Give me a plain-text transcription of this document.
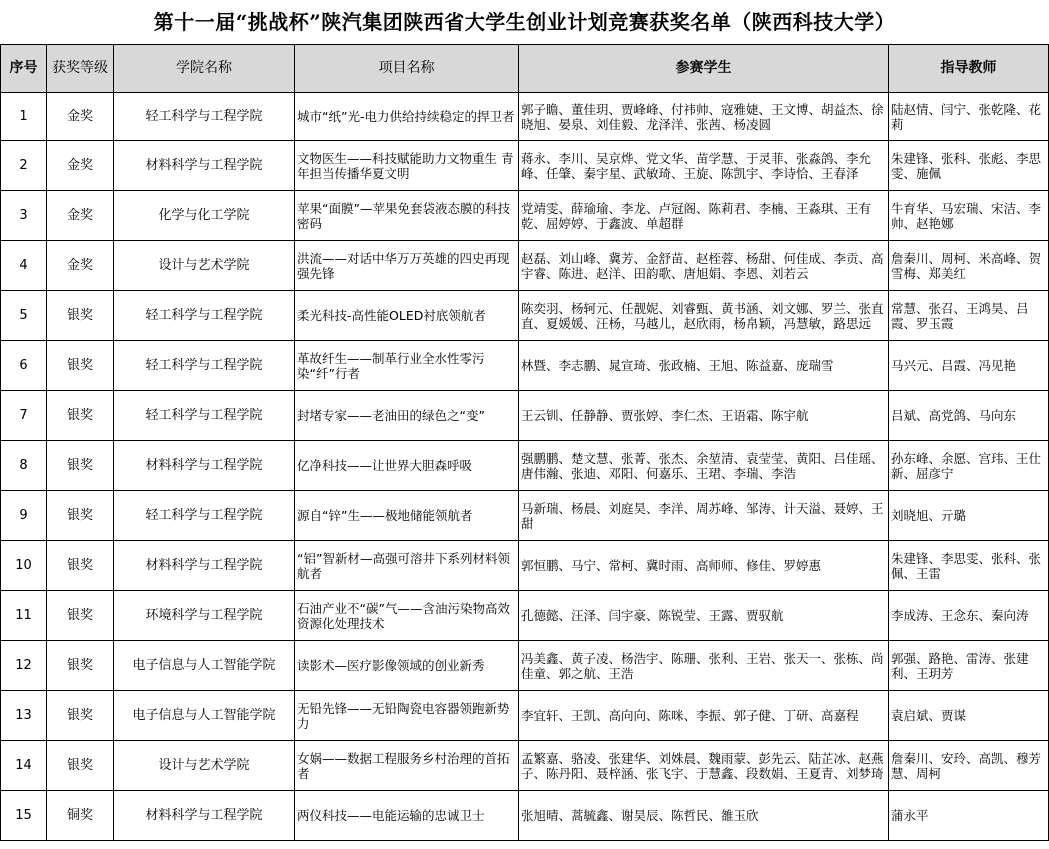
第十一届“挑战杯”陕汽集团陕西省大学生创业计划竞赛获奖名单（陕西科技大学）
序号	获奖等级	学院名称	项目名称	参赛学生	指导教师
1	金奖	轻工科学与工程学院	城市“纸”光-电力供给持续稳定的捍卫者	郭子瞻、董佳玥、贾峰峰、付祎帅、寇雅婕、王文博、胡益杰、徐晓旭、晏泉、刘佳毅、龙泽洋、张茜、杨凌圆	陆赵情、闫宁、张乾隆、花莉
2	金奖	材料科学与工程学院	文物医生——科技赋能助力文物重生 青年担当传播华夏文明	蒋永、李川、吴京烨、党文华、苗学慧、于灵菲、张淼鸽、李允峰、任肇、秦宇星、武敏琦、王旋、陈凯宇、李诗恰、王春泽	朱建锋、张科、张彪、李思雯、施佩
3	金奖	化学与化工学院	苹果“面膜”—苹果免套袋液态膜的科技密码	党靖雯、薛瑜瑜、李龙、卢冠阁、陈莉君、李楠、王淼琪、王有乾、屈婷婷、于鑫波、单超群	牛育华、马宏瑞、宋洁、李帅、赵艳娜
4	金奖	设计与艺术学院	洪流——对话中华万万英雄的四史再现强先锋	赵磊、刘山峰、冀芳、金舒苗、赵桎蓉、杨甜、何佳成、李贡、高宇睿、陈进、赵洋、田韵歌、唐旭娟、李恩、刘若云	詹秦川、周柯、米高峰、贺雪梅、郑美红
5	银奖	轻工科学与工程学院	柔光科技-高性能OLED衬底领航者	陈奕羽、杨轲元、任靓妮、刘睿甄、黄书涵、刘文娜、罗兰、张直直、夏媛媛、汪杨，马越儿，赵欣雨，杨帛颖，冯慧敏，路思远	常慧、张召、王鸿昊、吕霞、罗玉霞
6	银奖	轻工科学与工程学院	革故纤生——制革行业全水性零污染“纤”行者	林暨、李志鹏、晁宣琦、张政楠、王旭、陈益嘉、庞瑞雪	马兴元、吕霞、冯见艳
7	银奖	轻工科学与工程学院	封堵专家——老油田的绿色之“变”	王云钏、任静静、贾张婷、李仁杰、王语霜、陈宇航	吕斌、高党鸽、马向东
8	银奖	材料科学与工程学院	亿净科技——让世界大胆森呼吸	强鹏鹏、楚文慧、张菁、张杰、余堃清、袁莹莹、黄阳、吕佳瑶、唐伟瀚、张迪、邓阳、何嘉乐、王珺、李瑞、李浩	孙东峰、余愿、宫玮、王仕新、屈彦宁
9	银奖	轻工科学与工程学院	源自“锌”生——极地储能领航者	马新瑞、杨晨、刘庭昊、李洋、周苏峰、邹涛、计天溢、聂婷、王甜	刘晓旭、亓璐
10	银奖	材料科学与工程学院	“铝”智新材—高强可溶井下系列材料领航者	郭恒鹏、马宁、常柯、冀时雨、高师师、修佳、罗婷惠	朱建锋、李思雯、张科、张佩、王雷
11	银奖	环境科学与工程学院	石油产业不“碳”气——含油污染物高效资源化处理技术	孔德懿、汪泽、闫宇豪、陈锐莹、王露、贾驭航	李成涛、王念东、秦向涛
12	银奖	电子信息与人工智能学院	读影术—医疗影像领域的创业新秀	冯美鑫、黄子凌、杨浩宇、陈珊、张利、王岩、张天一、张栋、尚佳童、郭之航、王浩	郭强、路艳、雷涛、张建利、王玥芳
13	银奖	电子信息与人工智能学院	无铅先锋——无铅陶瓷电容器领跑新势力	李宜轩、王凯、高向向、陈咪、李振、郭子健、丁研、高嘉程	袁启斌、贾谋
14	银奖	设计与艺术学院	女娲——数据工程服务乡村治理的首拓者	孟繁嘉、骆凌、张建华、刘姝晨、魏雨蒙、彭先云、陆芷冰、赵燕子、陈丹阳、聂梓涵、张飞宇、于慧鑫、段数娟、王夏青、刘梦琦	詹秦川、安玲、高凯、穆芳慧、周柯
15	铜奖	材料科学与工程学院	两仪科技——电能运输的忠诚卫士	张旭晴、蒿毓鑫、谢昊辰、陈哲民、雒玉欣	蒲永平
